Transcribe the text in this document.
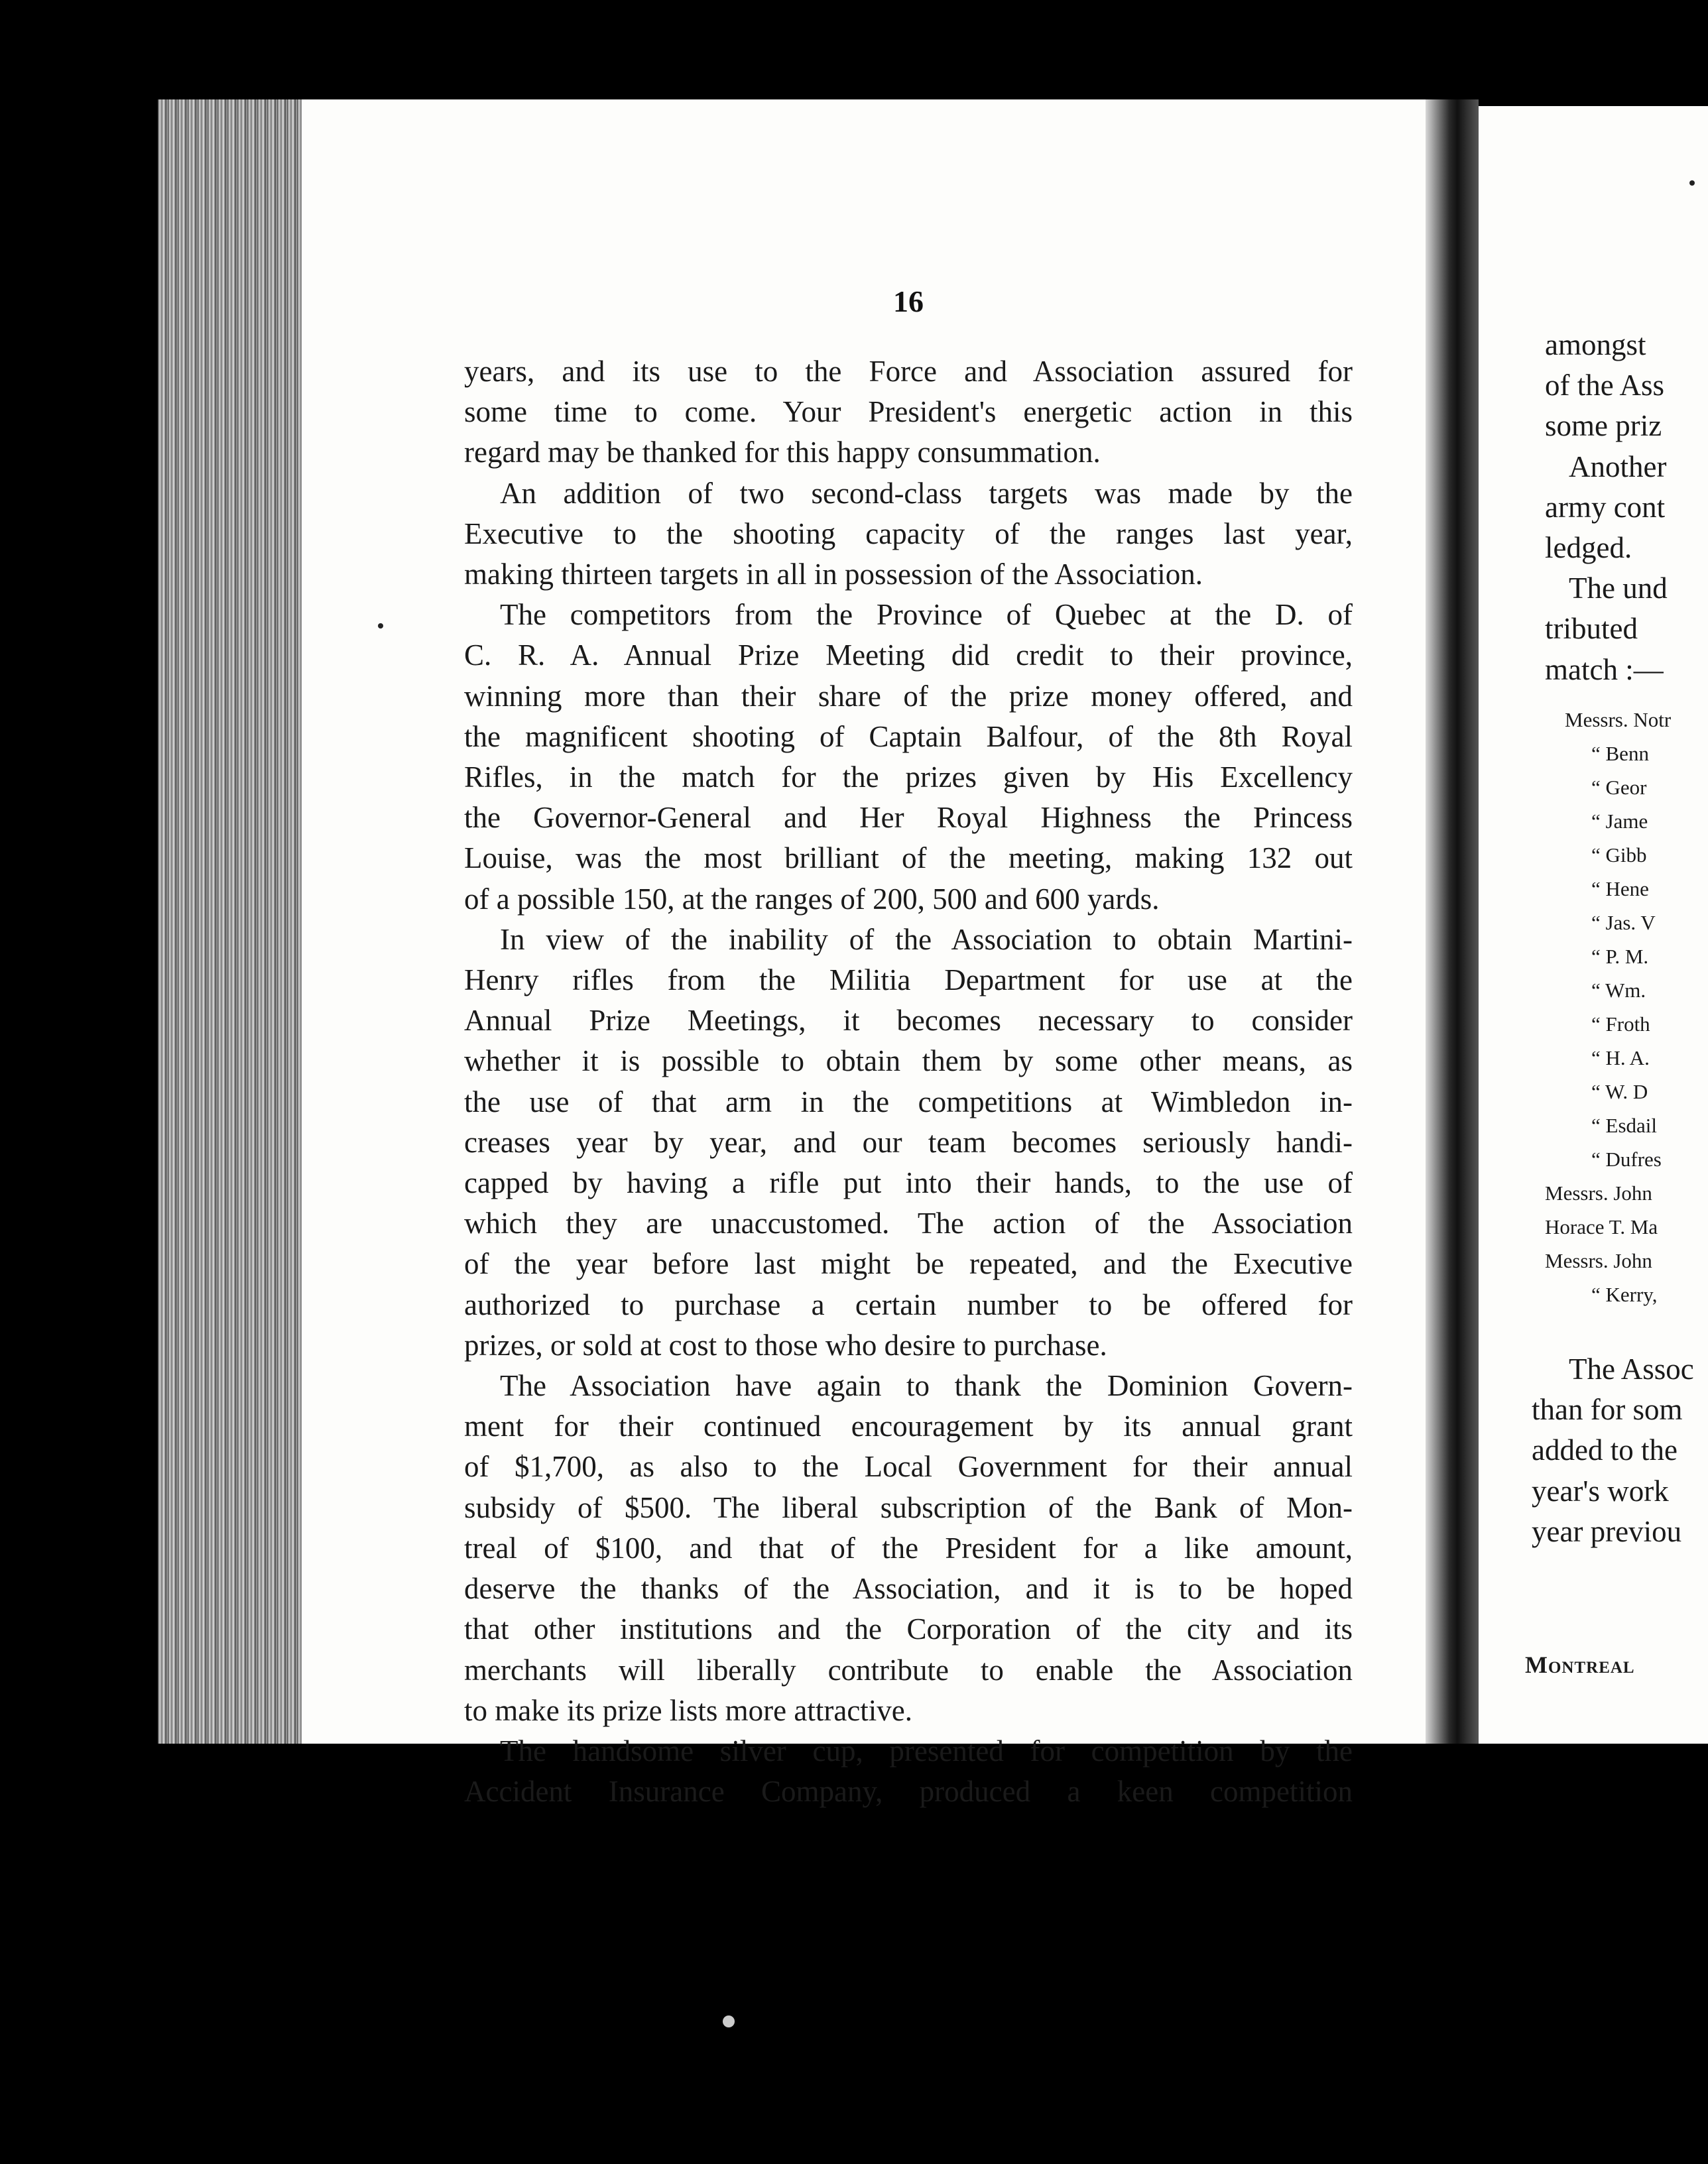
16
years, and its use to the Force and Association assured for
some time to come. Your President's energetic action in this
regard may be thanked for this happy consummation.
An addition of two second-class targets was made by the
Executive to the shooting capacity of the ranges last year,
making thirteen targets in all in possession of the Association.
The competitors from the Province of Quebec at the D. of
C. R. A. Annual Prize Meeting did credit to their province,
winning more than their share of the prize money offered, and
the magnificent shooting of Captain Balfour, of the 8th Royal
Rifles, in the match for the prizes given by His Excellency
the Governor-General and Her Royal Highness the Princess
Louise, was the most brilliant of the meeting, making 132 out
of a possible 150, at the ranges of 200, 500 and 600 yards.
In view of the inability of the Association to obtain Martini-
Henry rifles from the Militia Department for use at the
Annual Prize Meetings, it becomes necessary to consider
whether it is possible to obtain them by some other means, as
the use of that arm in the competitions at Wimbledon in-
creases year by year, and our team becomes seriously handi-
capped by having a rifle put into their hands, to the use of
which they are unaccustomed. The action of the Association
of the year before last might be repeated, and the Executive
authorized to purchase a certain number to be offered for
prizes, or sold at cost to those who desire to purchase.
The Association have again to thank the Dominion Govern-
ment for their continued encouragement by its annual grant
of $1,700, as also to the Local Government for their annual
subsidy of $500. The liberal subscription of the Bank of Mon-
treal of $100, and that of the President for a like amount,
deserve the thanks of the Association, and it is to be hoped
that other institutions and the Corporation of the city and its
merchants will liberally contribute to enable the Association
to make its prize lists more attractive.
The handsome silver cup, presented for competition by the
Accident Insurance Company, produced a keen competition
amongst
of the Ass
some priz
Another
army cont
ledged.
The und
tributed
match :—
Messrs. Notr
“ Benn
“ Geor
“ Jame
“ Gibb
“ Hene
“ Jas. V
“ P. M.
“ Wm.
“ Froth
“ H. A.
“ W. D
“ Esdail
“ Dufres
Messrs. John
Horace T. Ma
Messrs. John
“ Kerry,
The Assoc
than for som
added to the
year's work
year previou
Montreal
